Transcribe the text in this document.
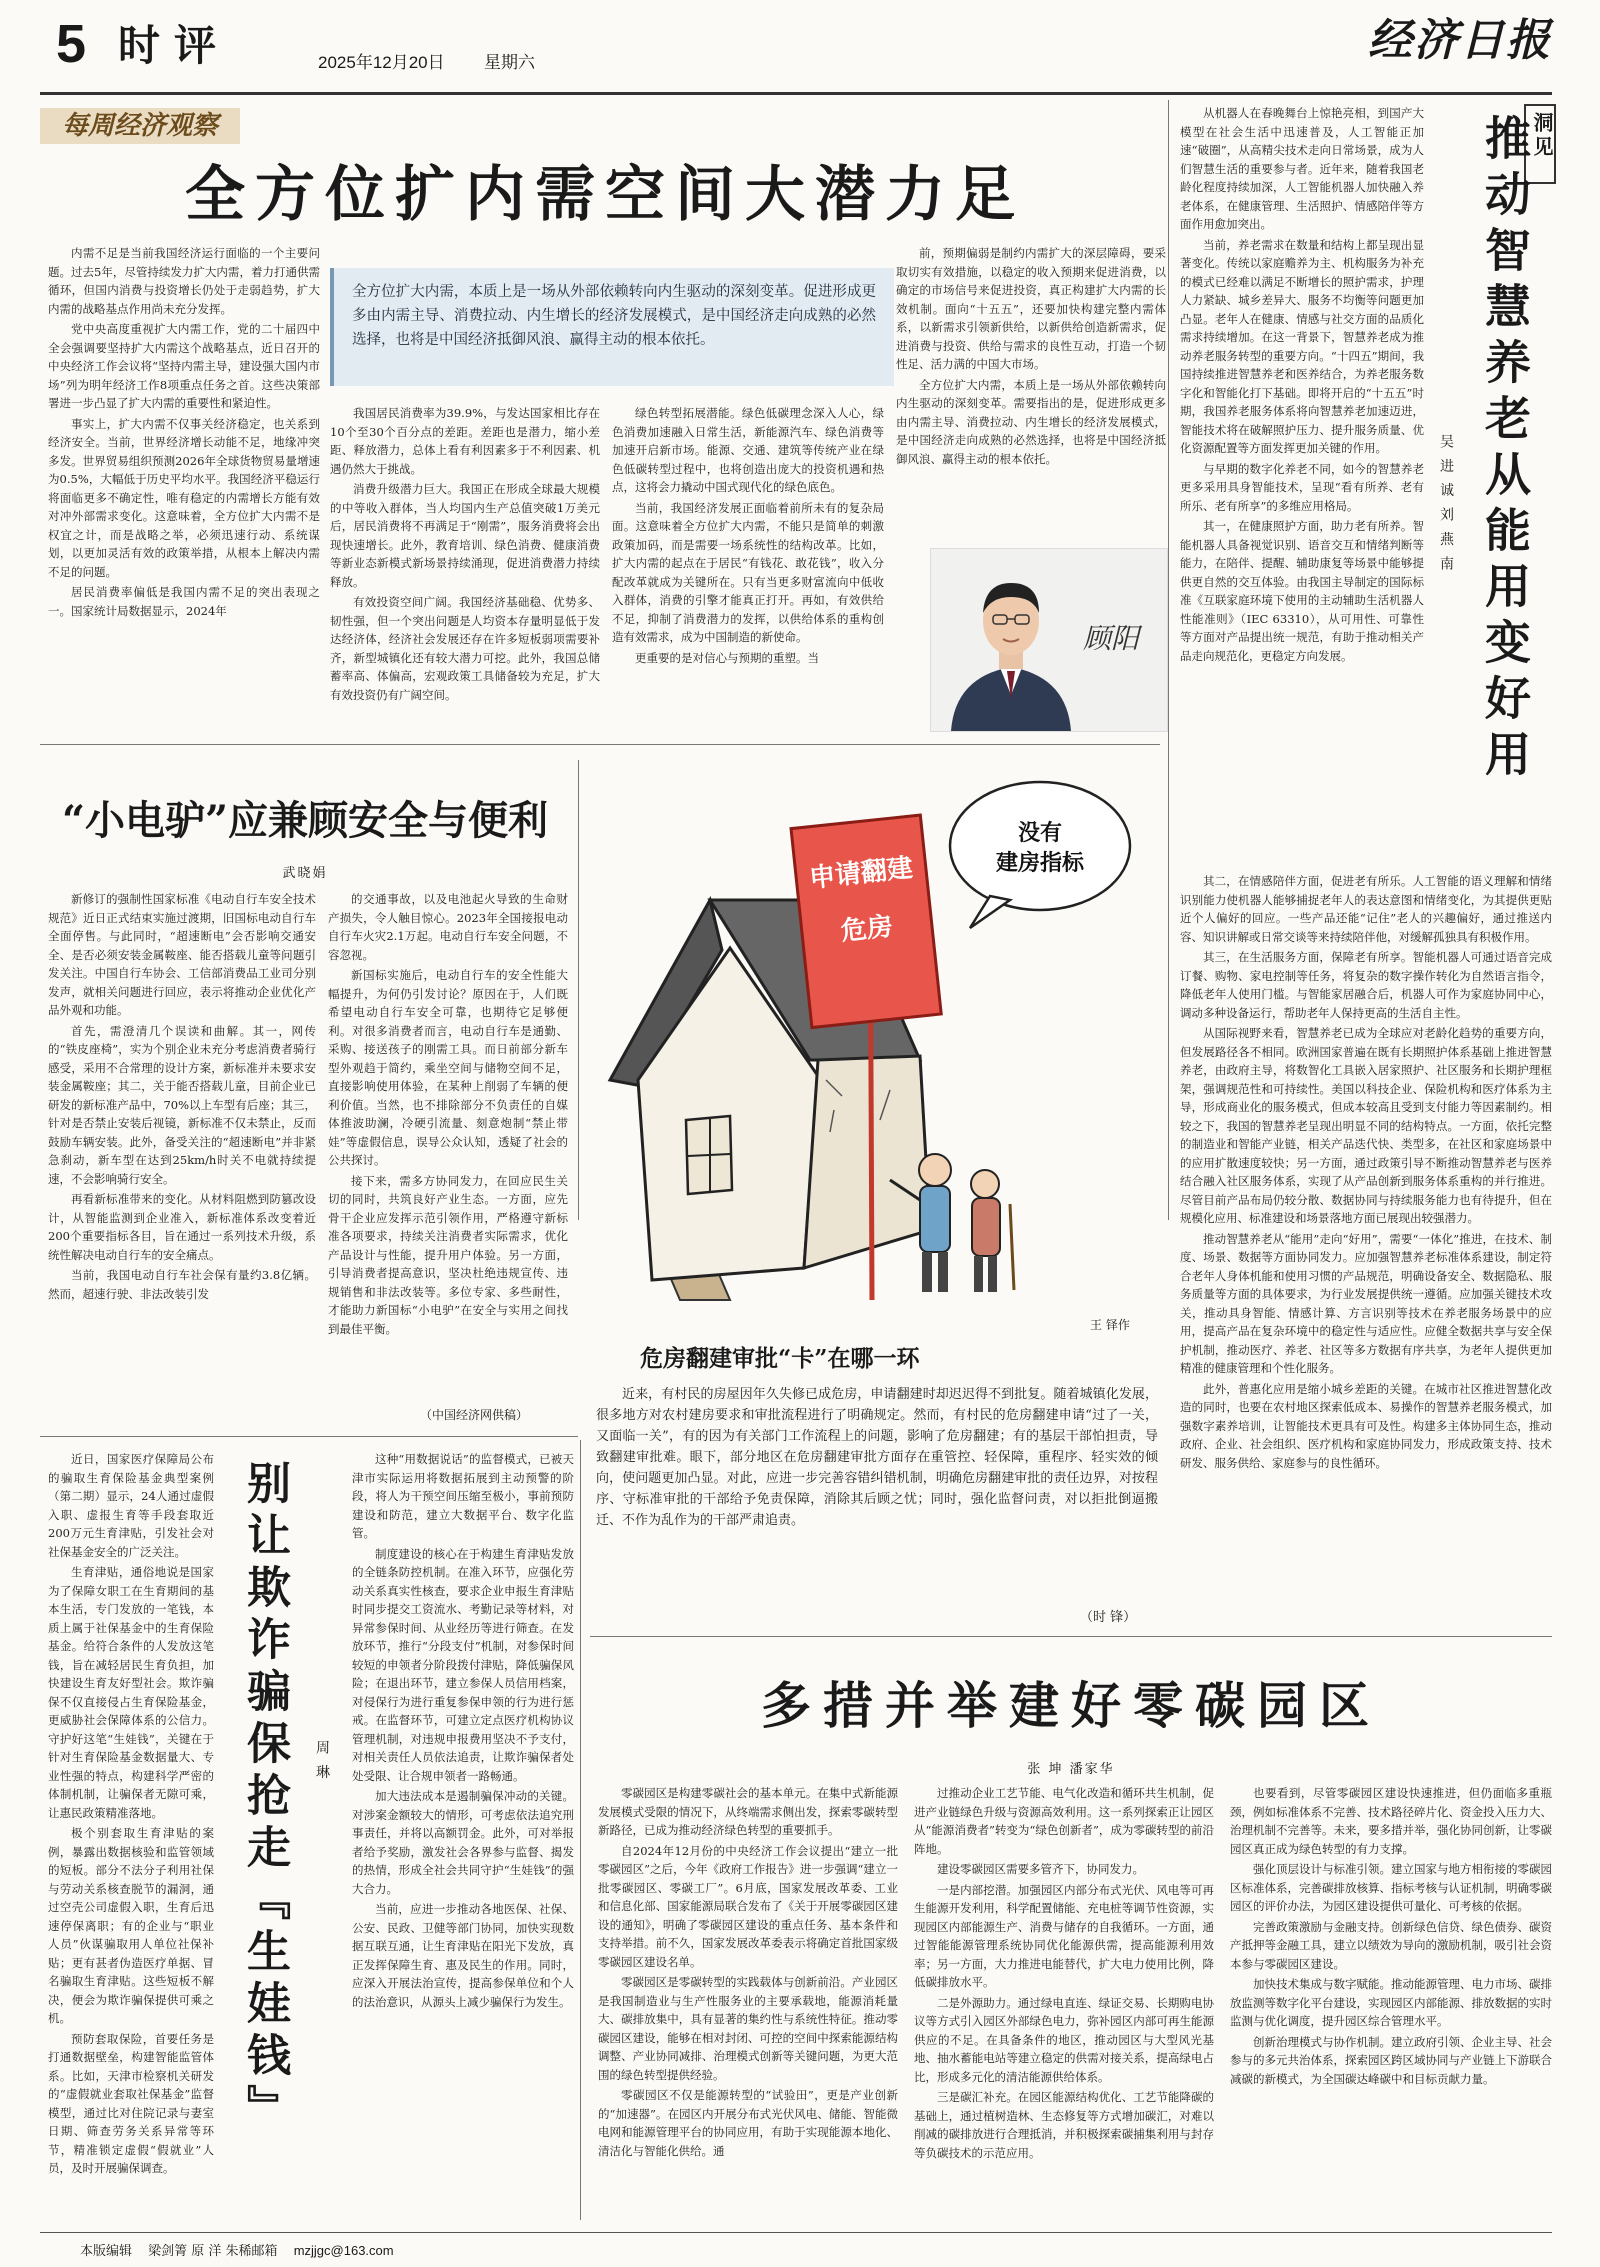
5 时评	2025年12月20日 星期六	经济日报
每周经济观察
全方位扩内需空间大潜力足

内需不足是当前我国经济运行面临的一个主要问题。过去5年，尽管持续发力扩大内需，着力打通供需循环，但国内消费与投资增长仍处于走弱趋势，扩大内需的战略基点作用尚未充分发挥。

党中央高度重视扩大内需工作，党的二十届四中全会强调要坚持扩大内需这个战略基点，近日召开的中央经济工作会议将“坚持内需主导，建设强大国内市场”列为明年经济工作8项重点任务之首。这些决策部署进一步凸显了扩大内需的重要性和紧迫性。

事实上，扩大内需不仅事关经济稳定，也关系到经济安全。当前，世界经济增长动能不足，地缘冲突多发。世界贸易组织预测2026年全球货物贸易量增速为0.5%，大幅低于历史平均水平。我国经济平稳运行将面临更多不确定性，唯有稳定的内需增长方能有效对冲外部需求变化。这意味着，全方位扩大内需不是权宜之计，而是战略之举，必须迅速行动、系统谋划，以更加灵活有效的政策举措，从根本上解决内需不足的问题。

居民消费率偏低是我国内需不足的突出表现之一。国家统计局数据显示，2024年

全方位扩大内需，本质上是一场从外部依赖转向内生驱动的深刻变革。促进形成更多由内需主导、消费拉动、内生增长的经济发展模式，是中国经济走向成熟的必然选择，也将是中国经济抵御风浪、赢得主动的根本依托。

我国居民消费率为39.9%，与发达国家相比存在10个至30个百分点的差距。差距也是潜力，缩小差距、释放潜力，总体上看有利因素多于不利因素、机遇仍然大于挑战。

消费升级潜力巨大。我国正在形成全球最大规模的中等收入群体，当人均国内生产总值突破1万美元后，居民消费将不再满足于“刚需”，服务消费将会出现快速增长。此外，教育培训、绿色消费、健康消费等新业态新模式新场景持续涌现，促进消费潜力持续释放。

有效投资空间广阔。我国经济基础稳、优势多、韧性强，但一个突出问题是人均资本存量明显低于发达经济体，经济社会发展还存在许多短板弱项需要补齐，新型城镇化还有较大潜力可挖。此外，我国总储蓄率高、体偏高，宏观政策工具储备较为充足，扩大有效投资仍有广阔空间。

绿色转型拓展潜能。绿色低碳理念深入人心，绿色消费加速融入日常生活，新能源汽车、绿色消费等加速开启新市场。能源、交通、建筑等传统产业在绿色低碳转型过程中，也将创造出庞大的投资机遇和热点，这将会力撬动中国式现代化的绿色底色。

当前，我国经济发展正面临着前所未有的复杂局面。这意味着全方位扩大内需，不能只是简单的刺激政策加码，而是需要一场系统性的结构改革。比如，扩大内需的起点在于居民“有钱花、敢花钱”，收入分配改革就成为关键所在。只有当更多财富流向中低收入群体，消费的引擎才能真正打开。再如，有效供给不足，抑制了消费潜力的发挥，以供给体系的重构创造有效需求，成为中国制造的新使命。

更重要的是对信心与预期的重塑。当

前，预期偏弱是制约内需扩大的深层障碍，要采取切实有效措施，以稳定的收入预期来促进消费，以确定的市场信号来促进投资，真正构建扩大内需的长效机制。面向“十五五”，还要加快构建完整内需体系，以新需求引领新供给，以新供给创造新需求，促进消费与投资、供给与需求的良性互动，打造一个韧性足、活力满的中国大市场。

全方位扩大内需，本质上是一场从外部依赖转向内生驱动的深刻变革。需要指出的是，促进形成更多由内需主导、消费拉动、内生增长的经济发展模式，是中国经济走向成熟的必然选择，也将是中国经济抵御风浪、赢得主动的根本依托。

顾阳
洞见
推动智慧养老从能用变好用
吴 进 诚 刘 燕 南

从机器人在春晚舞台上惊艳亮相，到国产大模型在社会生活中迅速普及，人工智能正加速“破圈”，从高精尖技术走向日常场景，成为人们智慧生活的重要参与者。近年来，随着我国老龄化程度持续加深，人工智能机器人加快融入养老体系，在健康管理、生活照护、情感陪伴等方面作用愈加突出。

当前，养老需求在数量和结构上都呈现出显著变化。传统以家庭赡养为主、机构服务为补充的模式已经难以满足不断增长的照护需求，护理人力紧缺、城乡差异大、服务不均衡等问题更加凸显。老年人在健康、情感与社交方面的品质化需求持续增加。在这一背景下，智慧养老成为推动养老服务转型的重要方向。“十四五”期间，我国持续推进智慧养老和医养结合，为养老服务数字化和智能化打下基础。即将开启的“十五五”时期，我国养老服务体系将向智慧养老加速迈进，智能技术将在破解照护压力、提升服务质量、优化资源配置等方面发挥更加关键的作用。

与早期的数字化养老不同，如今的智慧养老更多采用具身智能技术，呈现“看有所养、老有所乐、老有所享”的多维应用格局。

其一，在健康照护方面，助力老有所养。智能机器人具备视觉识别、语音交互和情绪判断等能力，在陪伴、提醒、辅助康复等场景中能够提供更自然的交互体验。由我国主导制定的国际标准《互联家庭环境下使用的主动辅助生活机器人性能准则》（IEC 63310），从可用性、可靠性等方面对产品提出统一规范，有助于推动相关产品走向规范化，更稳定方向发展。

其二，在情感陪伴方面，促进老有所乐。人工智能的语义理解和情绪识别能力使机器人能够捕捉老年人的表达意图和情绪变化，为其提供更贴近个人偏好的回应。一些产品还能“记住”老人的兴趣偏好，通过推送内容、知识讲解或日常交谈等来持续陪伴他，对缓解孤独具有积极作用。

其三，在生活服务方面，保障老有所享。智能机器人可通过语音完成订餐、购物、家电控制等任务，将复杂的数字操作转化为自然语言指令，降低老年人使用门槛。与智能家居融合后，机器人可作为家庭协同中心，调动多种设备运行，帮助老年人保持更高的生活自主性。

从国际视野来看，智慧养老已成为全球应对老龄化趋势的重要方向，但发展路径各不相同。欧洲国家普遍在既有长期照护体系基础上推进智慧养老，由政府主导，将数智化工具嵌入居家照护、社区服务和长期护理框架，强调规范性和可持续性。美国以科技企业、保险机构和医疗体系为主导，形成商业化的服务模式，但成本较高且受到支付能力等因素制约。相较之下，我国的智慧养老呈现出明显不同的结构特点。一方面，依托完整的制造业和智能产业链，相关产品迭代快、类型多，在社区和家庭场景中的应用扩散速度较快；另一方面，通过政策引导不断推动智慧养老与医养结合融入社区服务体系，实现了从产品创新到服务体系重构的并行推进。尽管目前产品布局仍较分散、数据协同与持续服务能力也有待提升，但在规模化应用、标准建设和场景落地方面已展现出较强潜力。

推动智慧养老从“能用”走向“好用”，需要“一体化”推进，在技术、制度、场景、数据等方面协同发力。应加强智慧养老标准体系建设，制定符合老年人身体机能和使用习惯的产品规范，明确设备安全、数据隐私、服务质量等方面的具体要求，为行业发展提供统一遵循。应加强关键技术攻关，推动具身智能、情感计算、方言识别等技术在养老服务场景中的应用，提高产品在复杂环境中的稳定性与适应性。应健全数据共享与安全保护机制，推动医疗、养老、社区等多方数据有序共享，为老年人提供更加精准的健康管理和个性化服务。

此外，普惠化应用是缩小城乡差距的关键。在城市社区推进智慧化改造的同时，也要在农村地区探索低成本、易操作的智慧养老服务模式，加强数字素养培训，让智能技术更具有可及性。构建多主体协同生态，推动政府、企业、社会组织、医疗机构和家庭协同发力，形成政策支持、技术研发、服务供给、家庭参与的良性循环。

“小电驴”应兼顾安全与便利
武晓娟

新修订的强制性国家标准《电动自行车安全技术规范》近日正式结束实施过渡期，旧国标电动自行车全面停售。与此同时，“超速断电”会否影响交通安全、是否必须安装金属鞍座、能否搭载儿童等问题引发关注。中国自行车协会、工信部消费品工业司分别发声，就相关问题进行回应，表示将推动企业优化产品外观和功能。

首先，需澄清几个误读和曲解。其一，网传的“铁皮座椅”，实为个别企业未充分考虑消费者骑行感受，采用不合常理的设计方案，新标准并未要求安装金属鞍座；其二，关于能否搭载儿童，目前企业已研发的新标准产品中，70%以上车型有后座；其三，针对是否禁止安装后视镜，新标准不仅未禁止，反而鼓励车辆安装。此外，备受关注的“超速断电”并非紧急刹动，新车型在达到25km/h时关不电就持续提速，不会影响骑行安全。

再看新标准带来的变化。从材料阻燃到防篡改设计，从智能监测到企业准入，新标准体系改变着近200个重要指标各目，旨在通过一系列技术升级，系统性解决电动自行车的安全痛点。

当前，我国电动自行车社会保有量约3.8亿辆。然而，超速行驶、非法改装引发

的交通事故，以及电池起火导致的生命财产损失，令人触目惊心。2023年全国接报电动自行车火灾2.1万起。电动自行车安全问题，不容忽视。

新国标实施后，电动自行车的安全性能大幅提升，为何仍引发讨论？原因在于，人们既希望电动自行车安全可靠，也期待它足够便利。对很多消费者而言，电动自行车是通勤、采购、接送孩子的刚需工具。而日前部分新车型外观趋于简约，乘坐空间与储物空间不足，直接影响使用体验，在某种上削弱了车辆的便利价值。当然，也不排除部分不负责任的自媒体推波助澜，冷硬引流量、刻意炮制“禁止带娃”等虚假信息，误导公众认知，透疑了社会的公共探讨。

接下来，需多方协同发力，在回应民生关切的同时，共筑良好产业生态。一方面，应先骨干企业应发挥示范引领作用，严格遵守新标准各项要求，持续关注消费者实际需求，优化产品设计与性能，提升用户体验。另一方面，引导消费者提高意识，坚决杜绝违规宣传、违规销售和非法改装等。多位专家、多些耐性，才能助力新国标“小电驴”在安全与实用之间找到最佳平衡。

（中国经济网供稿）
申请翻建危房
没有建房指标
王 铎作
危房翻建审批“卡”在哪一环

近来，有村民的房屋因年久失修已成危房，申请翻建时却迟迟得不到批复。随着城镇化发展，很多地方对农村建房要求和审批流程进行了明确规定。然而，有村民的危房翻建申请“过了一关，又面临一关”，有的因为有关部门工作流程上的问题，影响了危房翻建；有的基层干部怕担责，导致翻建审批难。眼下，部分地区在危房翻建审批方面存在重管控、轻保障，重程序、轻实效的倾向，使问题更加凸显。对此，应进一步完善容错纠错机制，明确危房翻建审批的责任边界，对按程序、守标准审批的干部给予免责保障，消除其后顾之忧；同时，强化监督问责，对以拒批倒逼搬迁、不作为乱作为的干部严肃追责。

（时 锋）

近日，国家医疗保障局公布的骗取生育保险基金典型案例（第二期）显示，24人通过虚假入职、虚报生育等手段套取近200万元生育津贴，引发社会对社保基金安全的广泛关注。

生育津贴，通俗地说是国家为了保障女职工在生育期间的基本生活，专门发放的一笔钱，本质上属于社保基金中的生育保险基金。给符合条件的人发放这笔钱，旨在减轻居民生育负担，加快建设生育友好型社会。欺诈骗保不仅直接侵占生育保险基金，更威胁社会保障体系的公信力。守护好这笔“生娃钱”，关键在于针对生育保险基金数据量大、专业性强的特点，构建科学严密的体制机制，让骗保者无隙可乘，让惠民政策精准落地。

极个别套取生育津贴的案例，暴露出数据核验和监管领域的短板。部分不法分子利用社保与劳动关系核查脱节的漏洞，通过空壳公司虚假入职，生育后迅速停保离职；有的企业与“职业人员”伙谋骗取用人单位社保补贴；更有甚者伪造医疗单据、冒名骗取生育津贴。这些短板不解决，便会为欺诈骗保提供可乘之机。

预防套取保险，首要任务是打通数据壁垒，构建智能监管体系。比如，天津市检察机关研发的“虚假就业套取社保基金”监督模型，通过比对住院记录与妻室日期、筛查劳务关系异常等环节，精准锁定虚假“假就业”人员，及时开展骗保调查。

别让欺诈骗保抢走『生娃钱』	周 琳

这种“用数据说话”的监督模式，已被天津市实际运用将数据拓展到主动预警的阶段，将人为干预空间压缩至极小，事前预防建设和防范，建立大数据平台、数字化监管。

制度建设的核心在于构建生育津贴发放的全链条防控机制。在准入环节，应强化劳动关系真实性核查，要求企业申报生育津贴时同步提交工资流水、考勤记录等材料，对异常参保时间、从业经历等进行筛查。在发放环节，推行“分段支付”机制，对参保时间较短的申领者分阶段拨付津贴，降低骗保风险；在退出环节，建立参保人员信用档案，对侵保行为进行重复参保申领的行为进行惩戒。在监督环节，可建立定点医疗机构协议管理机制，对违规申报费用坚决不予支付，对相关责任人员依法追责，让欺诈骗保者处处受限、让合规申领者一路畅通。

加大违法成本是遏制骗保冲动的关键。对涉案金额较大的情形，可考虑依法追究刑事责任，并将以高额罚金。此外，可对举报者给予奖励，激发社会各界参与监督、揭发的热情，形成全社会共同守护“生娃钱”的强大合力。

当前，应进一步推动各地医保、社保、公安、民政、卫健等部门协同，加快实现数据互联互通，让生育津贴在阳光下发放，真正发挥保障生育、惠及民生的作用。同时，应深入开展法治宣传，提高参保单位和个人的法治意识，从源头上减少骗保行为发生。

多措并举建好零碳园区
张 坤 潘家华

零碳园区是构建零碳社会的基本单元。在集中式新能源发展模式受限的情况下，从终端需求侧出发，探索零碳转型新路径，已成为推动经济绿色转型的重要抓手。

自2024年12月份的中央经济工作会议提出“建立一批零碳园区”之后，今年《政府工作报告》进一步强调“建立一批零碳园区、零碳工厂”。6月底，国家发展改革委、工业和信息化部、国家能源局联合发布了《关于开展零碳园区建设的通知》，明确了零碳园区建设的重点任务、基本条件和支持举措。前不久，国家发展改革委表示将确定首批国家级零碳园区建设名单。

零碳园区是零碳转型的实践载体与创新前沿。产业园区是我国制造业与生产性服务业的主要承载地，能源消耗量大、碳排放集中，具有显著的集约性与系统性特征。推动零碳园区建设，能够在相对封闭、可控的空间中探索能源结构调整、产业协同减排、治理模式创新等关键问题，为更大范围的绿色转型提供经验。

零碳园区不仅是能源转型的“试验田”，更是产业创新的“加速器”。在园区内开展分布式光伏风电、储能、智能微电网和能源管理平台的协同应用，有助于实现能源本地化、清洁化与智能化供给。通

过推动企业工艺节能、电气化改造和循环共生机制，促进产业链绿色升级与资源高效利用。这一系列探索正让园区从“能源消费者”转变为“绿色创新者”，成为零碳转型的前沿阵地。

建设零碳园区需要多管齐下，协同发力。

一是内部挖潜。加强园区内部分布式光伏、风电等可再生能源开发利用，科学配置储能、充电桩等调节性资源，实现园区内部能源生产、消费与储存的自我循环。一方面，通过智能能源管理系统协同优化能源供需，提高能源利用效率；另一方面，大力推进电能替代，扩大电力使用比例，降低碳排放水平。

二是外源助力。通过绿电直连、绿证交易、长期购电协议等方式引入园区外部绿色电力，弥补园区内部可再生能源供应的不足。在具备条件的地区，推动园区与大型风光基地、抽水蓄能电站等建立稳定的供需对接关系，提高绿电占比，形成多元化的清洁能源供给体系。

三是碳汇补充。在园区能源结构优化、工艺节能降碳的基础上，通过植树造林、生态修复等方式增加碳汇，对难以削减的碳排放进行合理抵消，并积极探索碳捕集利用与封存等负碳技术的示范应用。

也要看到，尽管零碳园区建设快速推进，但仍面临多重瓶颈，例如标准体系不完善、技术路径碎片化、资金投入压力大、治理机制不完善等。未来，要多措并举，强化协同创新，让零碳园区真正成为绿色转型的有力支撑。

强化顶层设计与标准引领。建立国家与地方相衔接的零碳园区标准体系，完善碳排放核算、指标考核与认证机制，明确零碳园区的评价办法，为园区建设提供可量化、可考核的依据。

完善政策激励与金融支持。创新绿色信贷、绿色债券、碳资产抵押等金融工具，建立以绩效为导向的激励机制，吸引社会资本参与零碳园区建设。

加快技术集成与数字赋能。推动能源管理、电力市场、碳排放监测等数字化平台建设，实现园区内部能源、排放数据的实时监测与优化调度，提升园区综合管理水平。

创新治理模式与协作机制。建立政府引领、企业主导、社会参与的多元共治体系，探索园区跨区域协同与产业链上下游联合减碳的新模式，为全国碳达峰碳中和目标贡献力量。

本版编辑 梁剑箐 原 洋 朱稀邮箱 mzjjgc@163.com
